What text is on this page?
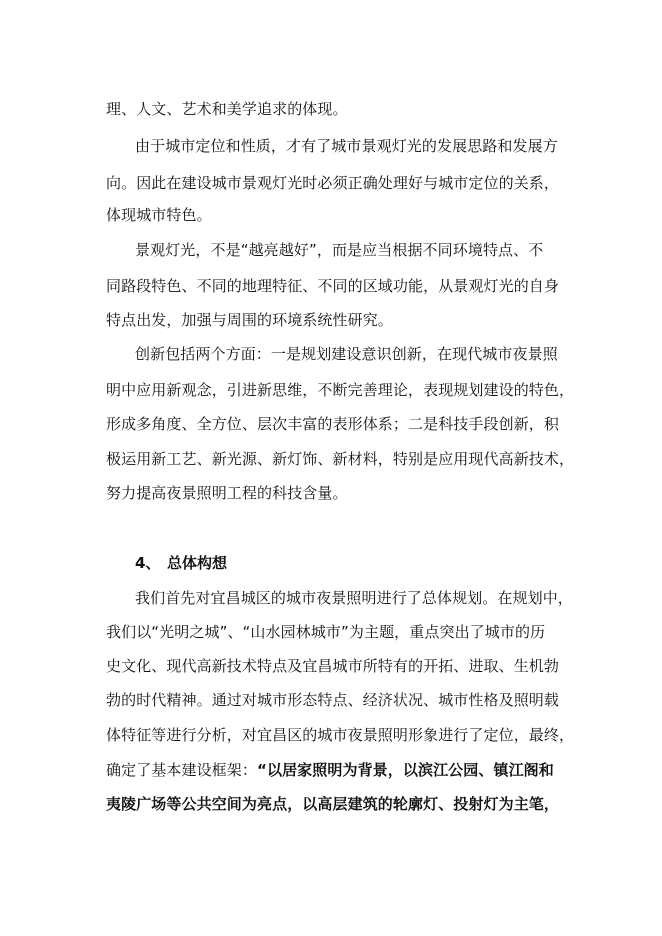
理、人文、艺术和美学追求的体现。
由于城市定位和性质，才有了城市景观灯光的发展思路和发展方
向。因此在建设城市景观灯光时必须正确处理好与城市定位的关系，
体现城市特色。
景观灯光，不是“越亮越好”，而是应当根据不同环境特点、不
同路段特色、不同的地理特征、不同的区域功能，从景观灯光的自身
特点出发，加强与周围的环境系统性研究。
创新包括两个方面：一是规划建设意识创新，在现代城市夜景照
明中应用新观念，引进新思维，不断完善理论，表现规划建设的特色，
形成多角度、全方位、层次丰富的表形体系；二是科技手段创新，积
极运用新工艺、新光源、新灯饰、新材料，特别是应用现代高新技术，
努力提高夜景照明工程的科技含量。
4、 总体构想
我们首先对宜昌城区的城市夜景照明进行了总体规划。在规划中，
我们以“光明之城”、“山水园林城市”为主题，重点突出了城市的历
史文化、现代高新技术特点及宜昌城市所特有的开拓、进取、生机勃
勃的时代精神。通过对城市形态特点、经济状况、城市性格及照明载
体特征等进行分析，对宜昌区的城市夜景照明形象进行了定位，最终，
确定了基本建设框架：“以居家照明为背景，以滨江公园、镇江阁和
夷陵广场等公共空间为亮点，以高层建筑的轮廓灯、投射灯为主笔，
